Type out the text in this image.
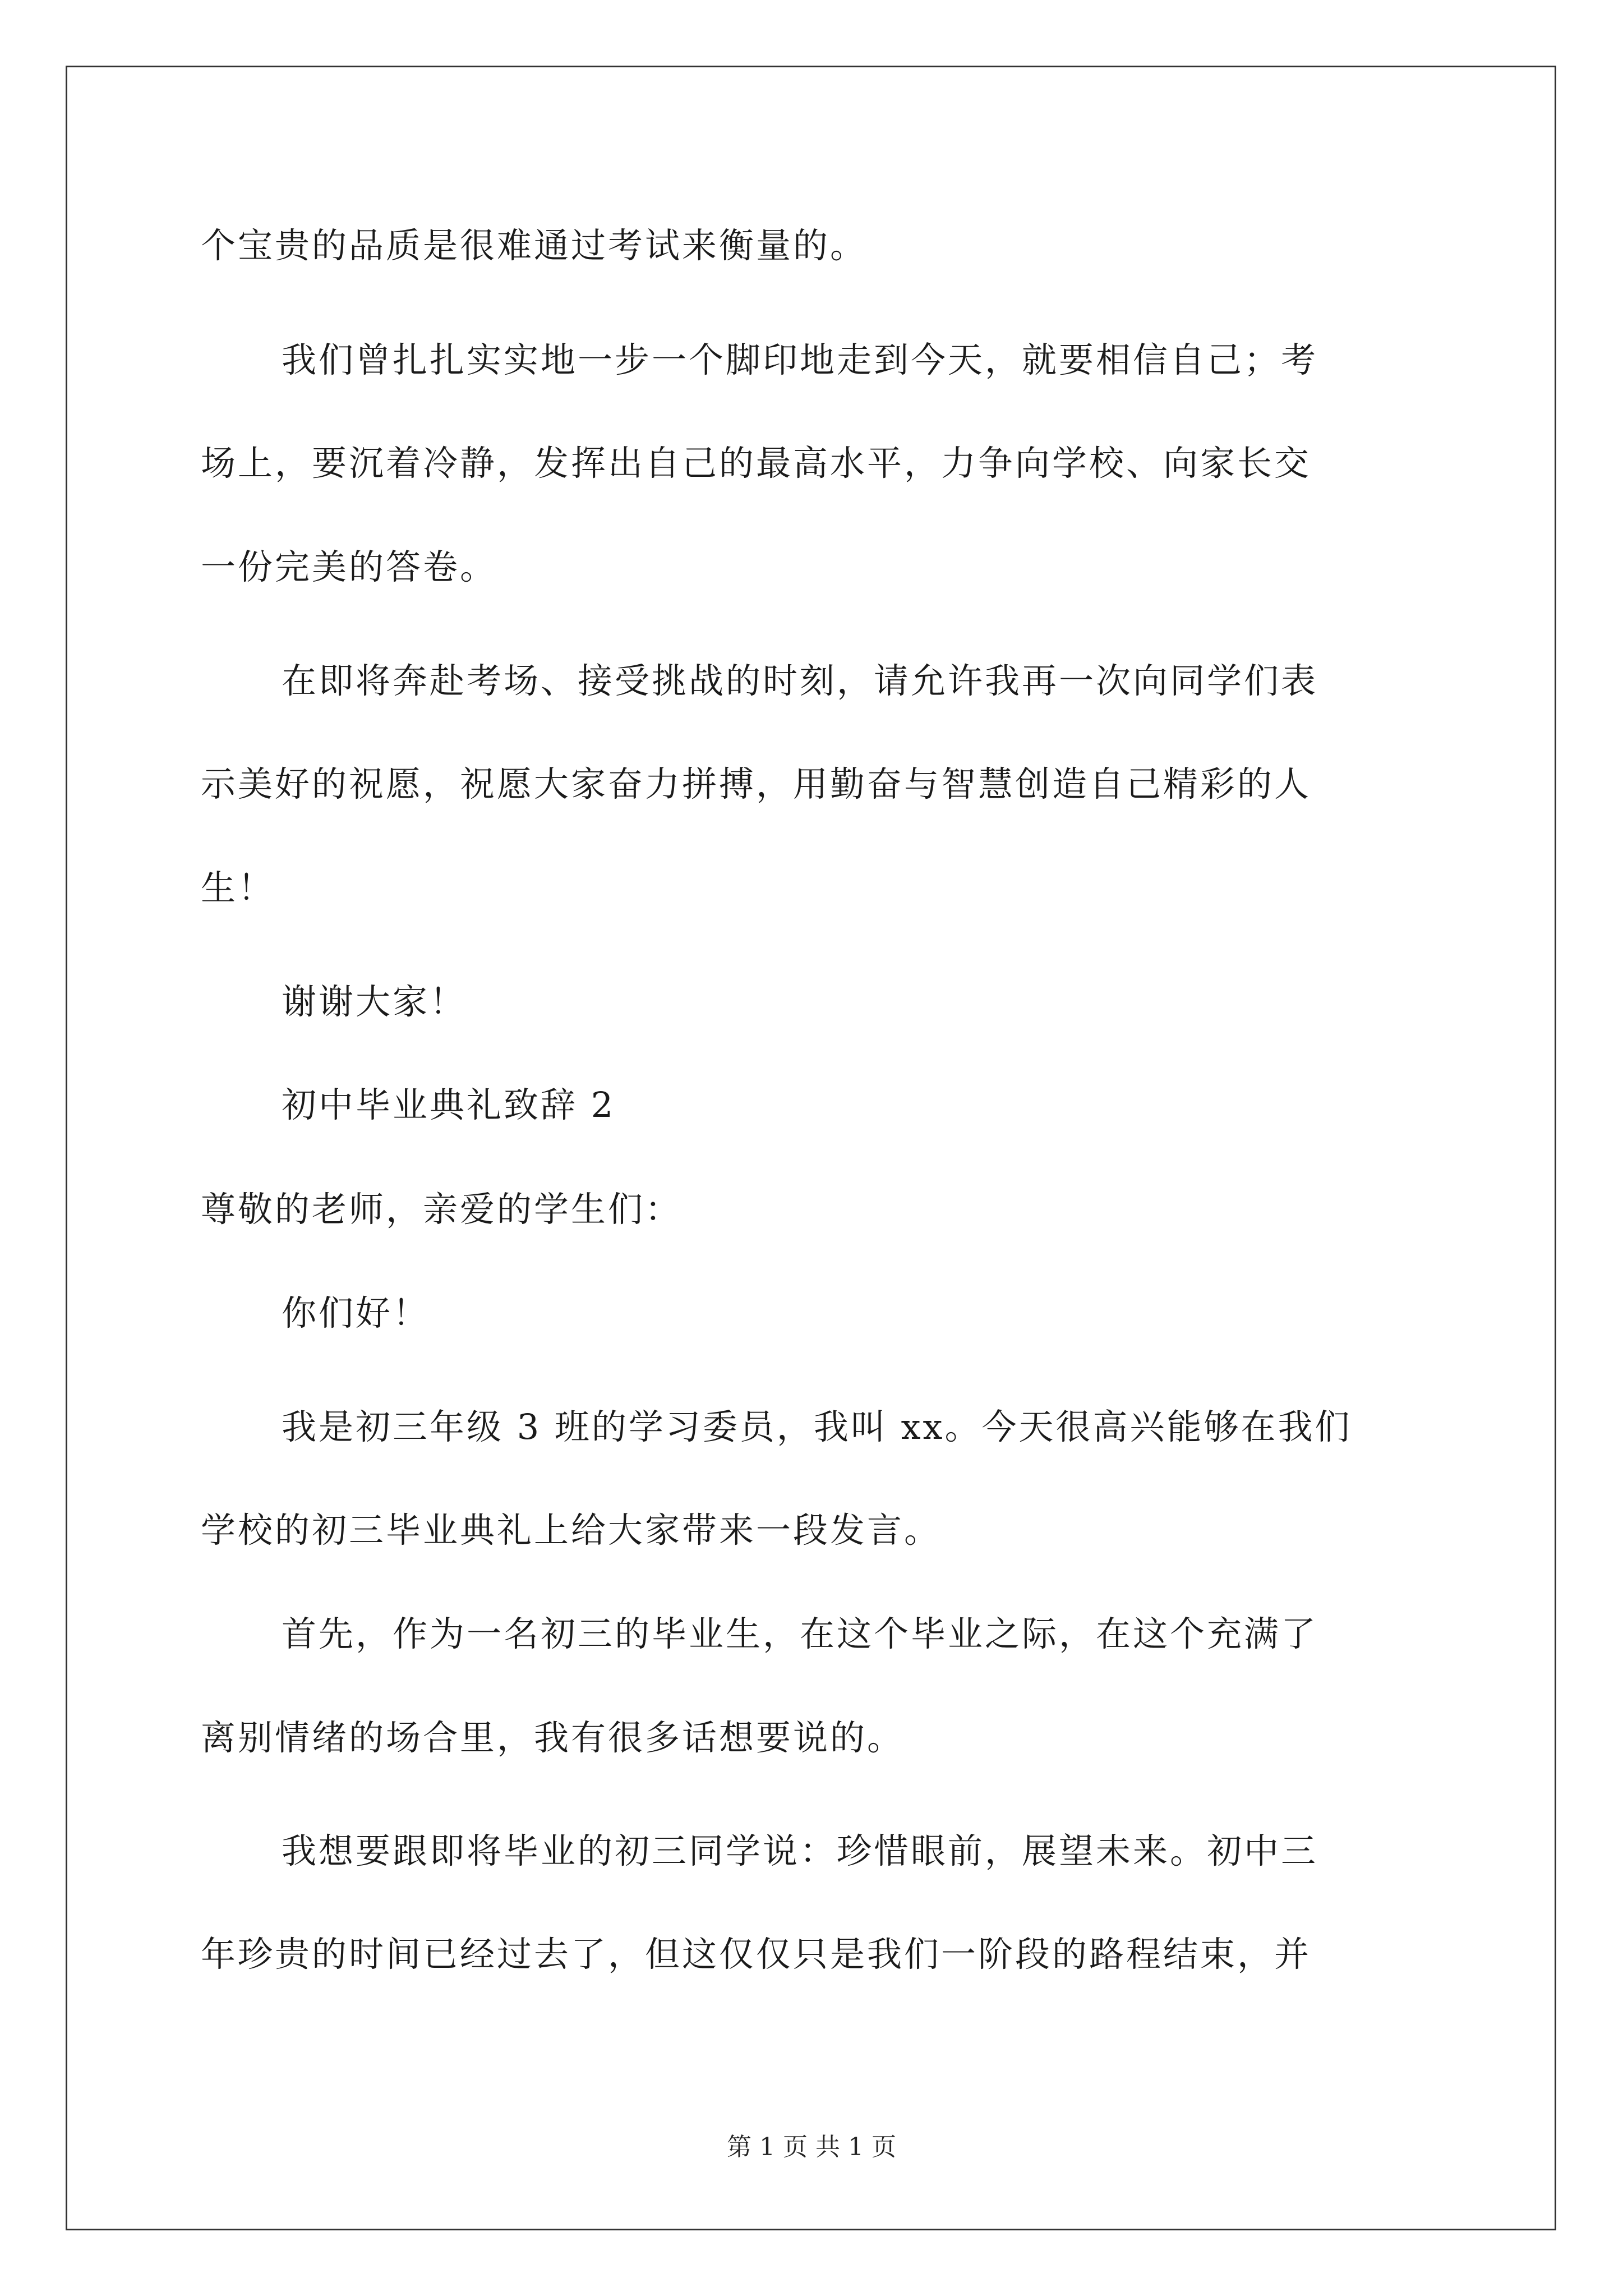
个宝贵的品质是很难通过考试来衡量的。
我们曾扎扎实实地一步一个脚印地走到今天，就要相信自己；考
场上，要沉着冷静，发挥出自己的最高水平，力争向学校、向家长交
一份完美的答卷。
在即将奔赴考场、接受挑战的时刻，请允许我再一次向同学们表
示美好的祝愿，祝愿大家奋力拼搏，用勤奋与智慧创造自己精彩的人
生！
谢谢大家！
初中毕业典礼致辞 2
尊敬的老师，亲爱的学生们：
你们好！
我是初三年级 3 班的学习委员，我叫 xx。今天很高兴能够在我们
学校的初三毕业典礼上给大家带来一段发言。
首先，作为一名初三的毕业生，在这个毕业之际，在这个充满了
离别情绪的场合里，我有很多话想要说的。
我想要跟即将毕业的初三同学说：珍惜眼前，展望未来。初中三
年珍贵的时间已经过去了，但这仅仅只是我们一阶段的路程结束，并
第 1 页 共 1 页
